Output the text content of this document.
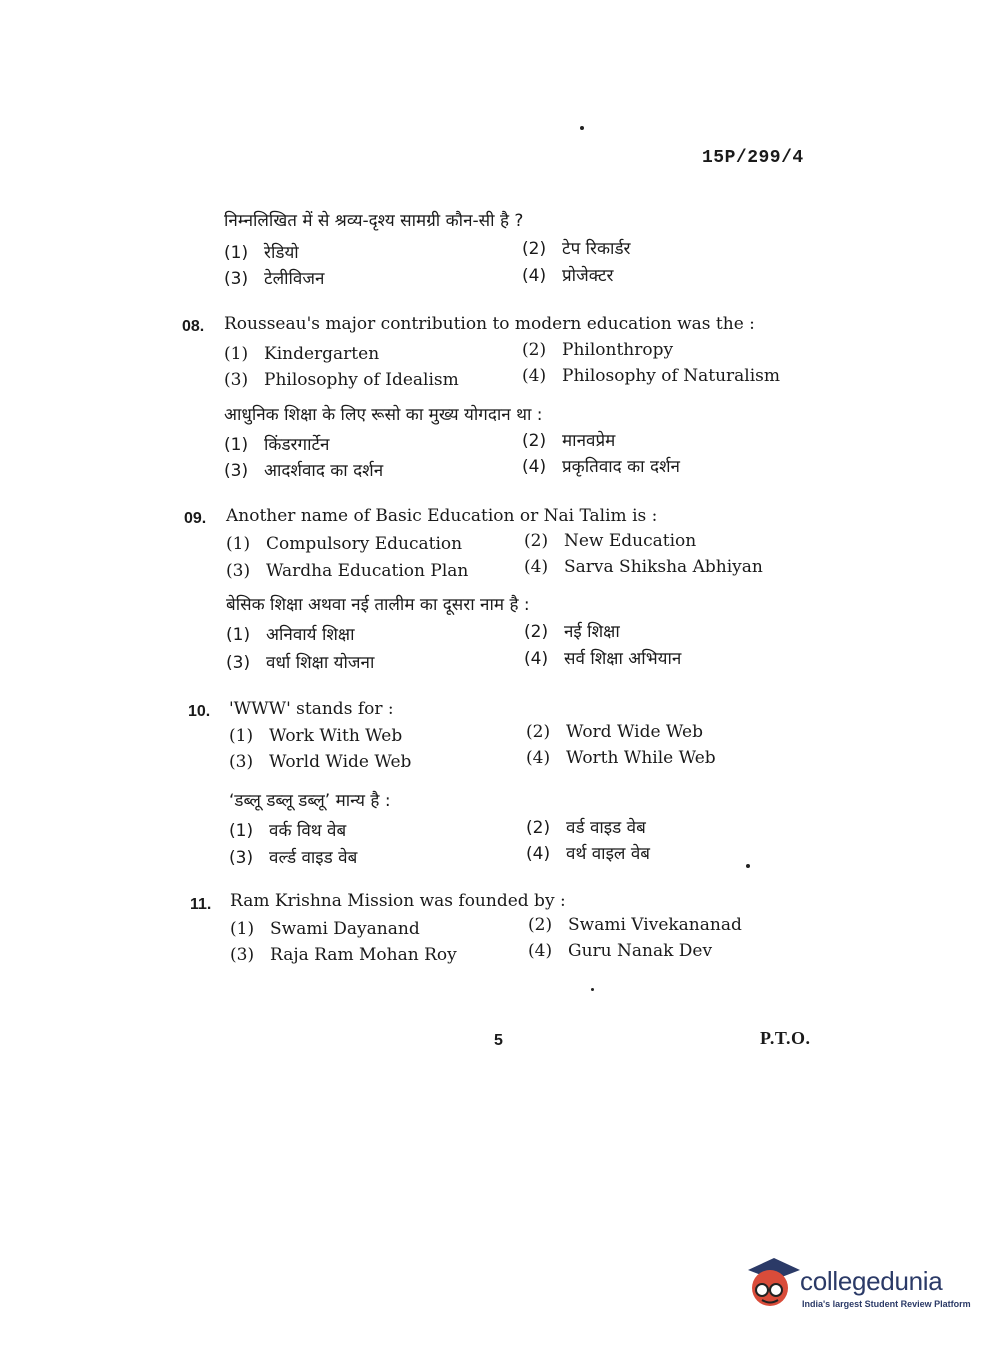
15P/299/4
निम्नलिखित में से श्रव्य-दृश्य सामग्री कौन-सी है ?
(1) रेडियो	(2) टेप रिकार्डर
(3) टेलीविजन	(4) प्रोजेक्टर
08. Rousseau's major contribution to modern education was the :
(1) Kindergarten	(2) Philonthropy
(3) Philosophy of Idealism	(4) Philosophy of Naturalism
आधुनिक शिक्षा के लिए रूसो का मुख्य योगदान था :
(1) किंडरगार्टेन	(2) मानवप्रेम
(3) आदर्शवाद का दर्शन	(4) प्रकृतिवाद का दर्शन
09. Another name of Basic Education or Nai Talim is :
(1) Compulsory Education	(2) New Education
(3) Wardha Education Plan	(4) Sarva Shiksha Abhiyan
बेसिक शिक्षा अथवा नई तालीम का दूसरा नाम है :
(1) अनिवार्य शिक्षा	(2) नई शिक्षा
(3) वर्धा शिक्षा योजना	(4) सर्व शिक्षा अभियान
10. 'WWW' stands for :
(1) Work With Web	(2) Word Wide Web
(3) World Wide Web	(4) Worth While Web
‘डब्लू डब्लू डब्लू’ मान्य है :
(1) वर्क विथ वेब	(2) वर्ड वाइड वेब
(3) वर्ल्ड वाइड वेब	(4) वर्थ वाइल वेब
11. Ram Krishna Mission was founded by :
(1) Swami Dayanand	(2) Swami Vivekananad
(3) Raja Ram Mohan Roy	(4) Guru Nanak Dev
5	P.T.O.
collegedunia
India's largest Student Review Platform
